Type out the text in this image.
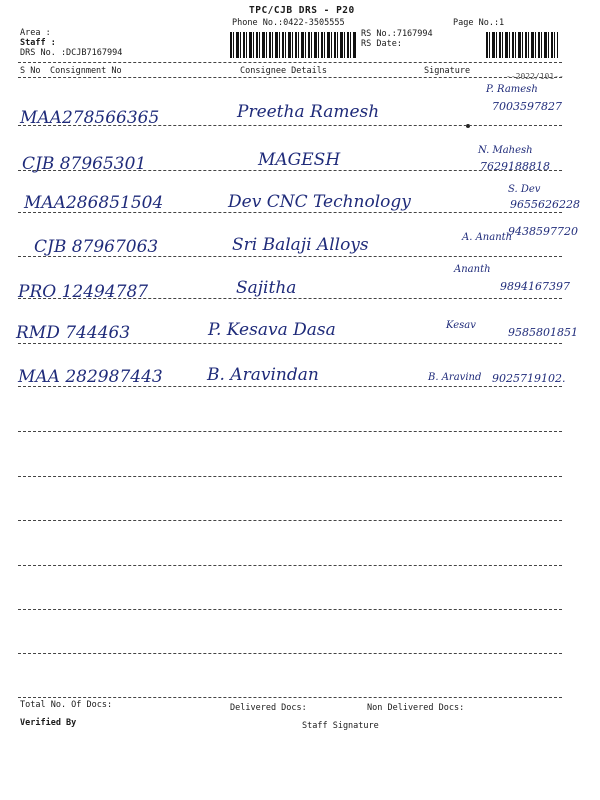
TPC/CJB DRS - P20
Phone No.:0422-3505555	Page No.:1
Area :
Staff :
DRS No. :DCJB7167994
RS No.:7167994
RS Date:
S No Consignment No	Consignee Details	Signature
--2022/101--
MAA278566365	Preetha Ramesh
P. Ramesh
7003597827
CJB 87965301	MAGESH	N. Mahesh
7629188818
MAA286851504	Dev CNC Technology
S. Dev
9655626228
CJB 87967063	Sri Balaji Alloys	A. Ananth
9438597720
PRO 12494787	Sajitha
Ananth
9894167397
RMD 744463	P. Kesava Dasa	Kesav
9585801851
MAA 282987443	B. Aravindan	B. Aravind 9025719102.
Total No. Of Docs:	Delivered Docs:	Non Delivered Docs:
Verified By	Staff Signature
